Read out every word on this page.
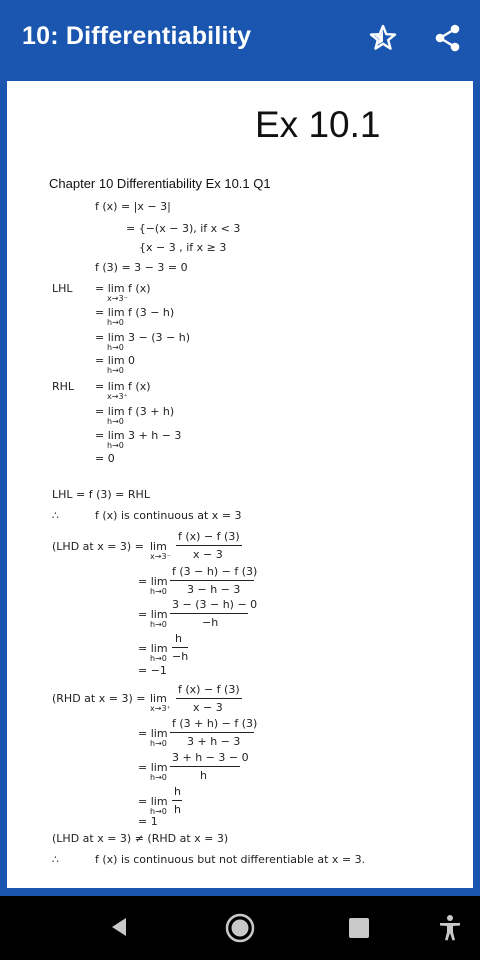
10: Differentiability
Ex 10.1
Chapter 10 Differentiability Ex 10.1 Q1
f (x) = |x − 3|
= {−(x − 3), if x < 3
{x − 3 , if x ≥ 3
f (3) = 3 − 3 = 0
LHL = lim f (x)
x→3⁻
= lim f (3 − h)
h→0
= lim 3 − (3 − h)
h→0
= lim 0
h→0
RHL = lim f (x)
x→3⁺
= lim f (3 + h)
h→0
= lim 3 + h − 3
h→0
= 0
LHL = f (3) = RHL
∴	f (x) is continuous at x = 3
(LHD at x = 3) = lim
x→3⁻
f (x) − f (3)
x − 3
= lim
h→0
f (3 − h) − f (3)
3 − h − 3
= lim
h→0
3 − (3 − h) − 0
−h
= lim
h→0
h
−h
= −1
(RHD at x = 3) = lim
x→3⁺
f (x) − f (3)
x − 3
= lim
h→0
f (3 + h) − f (3)
3 + h − 3
= lim
h→0
3 + h − 3 − 0
h
= lim
h→0
h
h
= 1
(LHD at x = 3) ≠ (RHD at x = 3)
∴	f (x) is continuous but not differentiable at x = 3.
